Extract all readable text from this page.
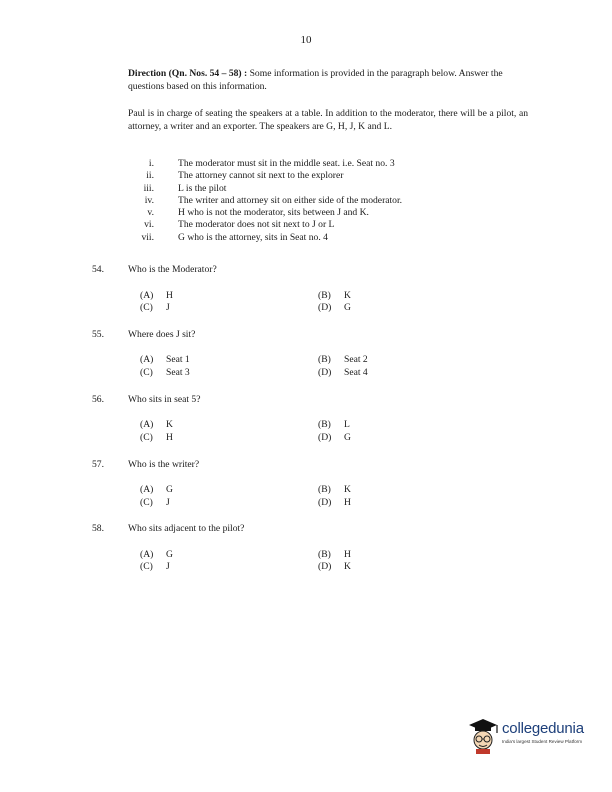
10
Direction (Qn. Nos. 54 – 58) : Some information is provided in the paragraph below. Answer the questions based on this information.
Paul is in charge of seating the speakers at a table. In addition to the moderator, there will be a pilot, an attorney, a writer and an exporter. The speakers are G, H, J, K and L.
i.	The moderator must sit in the middle seat. i.e. Seat no. 3
ii.	The attorney cannot sit next to the explorer
iii.	L is the pilot
iv.	The writer and attorney sit on either side of the moderator.
v.	H who is not the moderator, sits between J and K.
vi.	The moderator does not sit next to J or L
vii.	G who is the attorney, sits in Seat no. 4
54.	Who is the Moderator?
(A) H	(B) K
(C) J	(D) G
55.	Where does J sit?
(A) Seat 1	(B) Seat 2
(C) Seat 3	(D) Seat 4
56.	Who sits in seat 5?
(A) K	(B) L
(C) H	(D) G
57.	Who is the writer?
(A) G	(B) K
(C) J	(D) H
58.	Who sits adjacent to the pilot?
(A) G	(B) H
(C) J	(D) K
collegedunia
India's largest Student Review Platform
